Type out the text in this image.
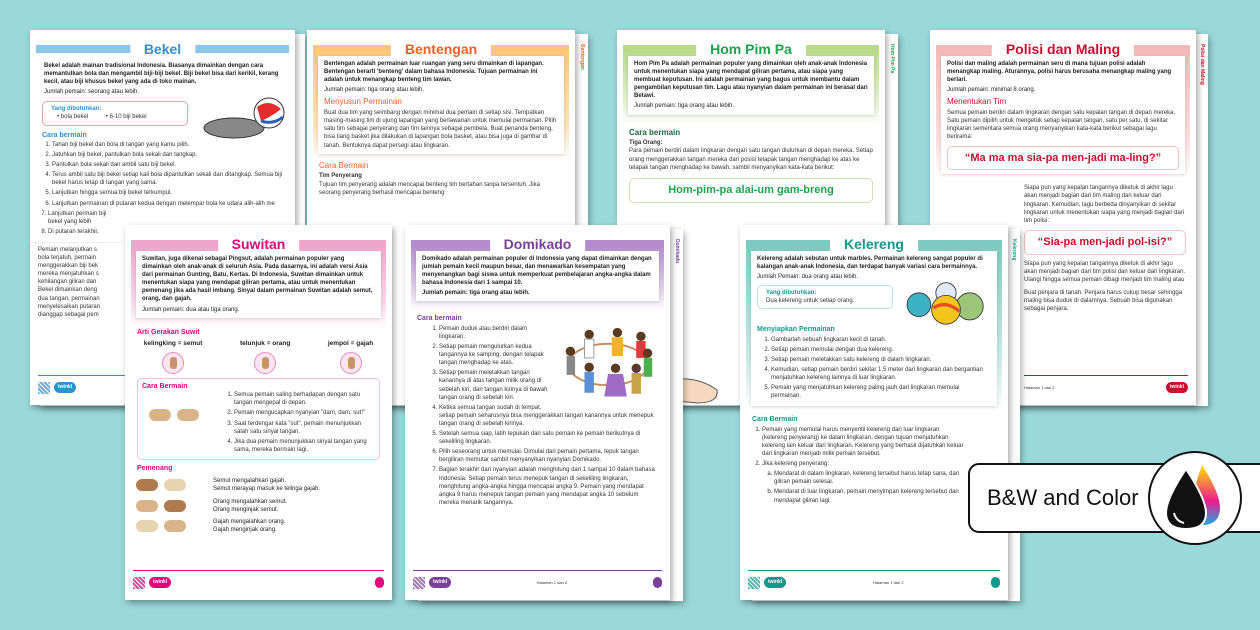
Bentengan	Hom Pim Pa	Polisi dan Maling
Bekel
Bekel adalah mainan tradisional Indonesia. Biasanya dimainkan dengan cara memantulkan bola dan mengambil biji-biji bekel. Biji bekel bisa dari kerikil, kerang kecil, atau biji khusus bekel yang ada di toko mainan.
Jumlah pemain: seorang atau lebih.
Yang dibutuhkan:
• bola bekel	• 6-10 biji bekel
Cara bermain
1. Tahan biji bekel dan bola di tangan yang kamu pilih.
2. Jatuhkan biji bekel, pantulkan bola sekali dan tangkap.
3. Pantulkan bola sekali dan ambil satu biji bekel.
4. Terus ambil satu biji bekel setiap kali bola dipantulkan sekali dan ditangkap. Semua biji bekel harus tetap di tangan yang sama.
5. Lanjutkan hingga semua biji bekel terkumpul.
6. Lanjutkan permainan di putaran kedua dengan melempar bola ke udara alih-alih me
7. Lanjutkan permain biji bekel yang lebih
8. Di putaran terakhir,
Pemain melanjutkan s
bola terjatuh, permain
menggerakkan biji bek
mereka menjatuhkan s
kehilangan giliran dan
Bekel dimainkan deng
dua tangan, permainan
menyelesaikan putaran
dianggap sebagai pem
twinkl
Bentengan
Bentengan adalah permainan luar ruangan yang seru dimainkan di lapangan. Bentengan berarti 'benteng' dalam bahasa Indonesia. Tujuan permainan ini adalah untuk menangkap benteng tim lawan.
Jumlah pemain: tiga orang atau lebih.
Menyusun Permainan
Buat dua tim yang seimbang dengan minimal dua pemain di setiap sisi. Tempatkan masing-masing tim di ujung lapangan yang berlawanan untuk memulai permainan. Pilih satu tim sebagai penyerang dan tim lainnya sebagai pembela. Buat penanda benteng, bisa tiang basket jika dilakukan di lapangan bola basket, atau bisa juga di gambar di tanah. Bentuknya dapat persegi atau lingkaran.
Cara Bermain
Tim Penyerang
Tujuan tim penyerang adalah mencapai benteng tim bertahan tanpa tersentuh. Jika seorang penyerang berhasil mencapai benteng
Hom Pim Pa
Hom Pim Pa adalah permainan populer yang dimainkan oleh anak-anak Indonesia untuk menentukan siapa yang mendapat giliran pertama, atau siapa yang membuat keputusan. Ini adalah permainan yang bagus untuk membantu dalam pengambilan keputusan tim. Lagu atau nyanyian dalam permainan ini berasal dari Betawi.
Jumlah pemain: tiga orang atau lebih.
Cara bermain
Tiga Orang:
Para pemain berdiri dalam lingkaran dengan satu tangan diulurkan di depan mereka. Setiap orang menggerakkan tangan mereka dari posisi telapak tangan menghadap ke atas ke telapak tangan menghadap ke bawah, sambil menyanyikan kata-kata berikut:
Hom-pim-pa alai-um gam-breng
Polisi dan Maling
Polisi dan maling adalah permainan seru di mana tujuan polisi adalah menangkap maling. Aturannya, polisi harus berusaha menangkap maling yang berlari.
Jumlah pemain: minimal 8 orang.
Menentukan Tim
Semua pemain berdiri dalam lingkaran dengan satu kepalan tangan di depan mereka. Satu pemain dipilih untuk mengetuk setiap kepalan tangan, satu per satu, di sekitar lingkaran sementara semua orang menyanyikan kata-kata berikut sebagai lagu berirama:
“Ma ma ma sia-pa men-jadi ma-ling?”
Siapa pun yang kepalan tangannya diketuk di akhir lagu akan menjadi bagian dari tim maling dan keluar dari lingkaran. Kemudian, lagu berbeda dinyanyikan di sekitar lingkaran untuk menentukan siapa yang menjadi bagian dari tim polisi:
“Sia-pa men-jadi pol-isi?”
Siapa pun yang kepalan tangannya diketuk di akhir lagu akan menjadi bagian dari tim polisi dan keluar dari lingkaran. Ulangi hingga semua pemain dibagi menjadi tim maling atau
Buat penjara di tanah. Penjara harus cukup besar sehingga maling bisa duduk di dalamnya. Sebuah bisa digunakan sebagai penjara.
Halaman 1 dari 2	twinkl
Domikado	Kelereng
Suwitan
Suwitan, juga dikenal sebagai Pingsut, adalah permainan populer yang dimainkan oleh anak-anak di seluruh Asia. Pada dasarnya, ini adalah versi Asia dari permainan Gunting, Batu, Kertas. Di Indonesia, Suwitan dimainkan untuk menentukan siapa yang mendapat giliran pertama, atau untuk menentukan pemenang jika ada hasil imbang. Sinyal dalam permainan Suwitan adalah semut, orang, dan gajah.
Jumlah pemain: dua atau tiga orang.
Arti Gerakan Suwit
kelingking = semut	telunjuk = orang	jempol = gajah
Cara Bermain
1. Semua pemain saling berhadapan dengan satu tangan mengepal di depan.
2. Pemain mengucapkan nyanyian "dam, dam, sut!"
3. Saat terdengar kata "sut", pemain menunjukkan salah satu sinyal tangan.
4. Jika dua pemain menunjukkan sinyal tangan yang sama, mereka bermain lagi.
Pemenang
Semut mengalahkan gajah.
Semut merayap masuk ke telinga gajah.
Orang mengalahkan semut.
Orang menginjak semut.
Gajah mengalahkan orang.
Gajah menginjak orang.
twinkl

Domikado
Domikado adalah permainan populer di Indonesia yang dapat dimainkan dengan jumlah pemain kecil maupun besar, dan menawarkan kesempatan yang menyenangkan bagi siswa untuk memperkuat pembelajaran angka-angka dalam bahasa Indonesia dari 1 sampai 10.
Jumlah pemain: tiga orang atau lebih.
Cara bermain
1. Pemain duduk atau berdiri dalam lingkaran.
2. Setiap pemain mengulurkan kedua tangannya ke samping, dengan telapak tangan menghadap ke atas.
3. Setiap pemain meletakkan tangan kanannya di atas tangan milik orang di sebelah kiri, dan tangan kirinya di bawah tangan orang di sebelah kiri.
4. Ketika semua tangan sudah di tempat, setiap pemain seharusnya bisa menggerakkan tangan kanannya untuk menepuk tangan orang di sebelah kirinya.
5. Setelah semua siap, latih tepukan dari satu pemain ke pemain berikutnya di sekeliling lingkaran.
6. Pilih seseorang untuk memulai. Dimulai dari pemain pertama, tepuk tangan bergiliran memutar sambil menyanyikan nyanyian Domikado.
7. Bagian terakhir dari nyanyian adalah menghitung dari 1 sampai 10 dalam bahasa Indonesia. Setiap pemain terus menepuk tangan di sekeliling lingkaran, menghitung angka-angka hingga mencapai angka 9. Pemain yang mendapat angka 9 harus menepuk tangan pemain yang mendapat angka 10 sebelum mereka menarik tangannya.
twinkl	Halaman 1 dari 2

Kelereng
Kelereng adalah sebutan untuk marbles. Permainan kelereng sangat populer di kalangan anak-anak Indonesia, dan terdapat banyak variasi cara bermainnya.
Jumlah Pemain: dua orang atau lebih.
Yang dibutuhkan:
Dua kelereng untuk setiap orang.
Menyiapkan Permainan
1. Gambarlah sebuah lingkaran kecil di tanah.
2. Setiap pemain memulai dengan dua kelereng.
3. Setiap pemain meletakkan satu kelereng di dalam lingkaran.
4. Kemudian, setiap pemain berdiri sekitar 1,5 meter dari lingkaran dan bergantian menjatuhkan kelereng lainnya di luar lingkaran.
5. Pemain yang menjatuhkan kelereng paling jauh dari lingkaran memulai permainan.
Cara Bermain
1. Pemain yang memulai harus menyentil kelereng dari luar lingkaran (kelereng penyerang) ke dalam lingkaran, dengan tujuan menjatuhkan kelereng lain keluar dari lingkaran. Kelereng yang berhasil dijatuhkan keluar dari lingkaran menjadi milik pemain tersebut.
2. Jika kelereng penyerang:
a. Mendarat di dalam lingkaran, kelereng tersebut harus tetap sana, dan giliran pemain selesai.
b. Mendarat di luar lingkaran, pemain menyimpan kelereng tersebut dan mendapat giliran lagi.
twinkl	Halaman 1 dari 2

B&W and Color
